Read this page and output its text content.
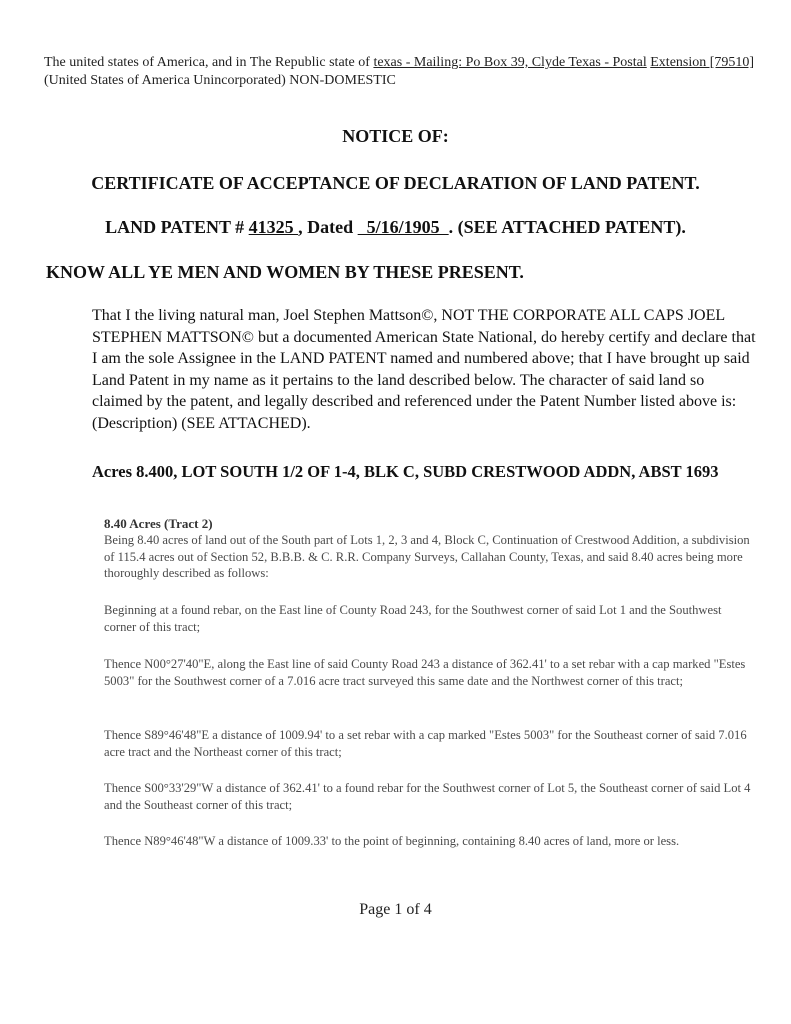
The united states of America, and in The Republic state of texas - Mailing: Po Box 39, Clyde Texas - Postal Extension [79510] (United States of America Unincorporated) NON-DOMESTIC
NOTICE OF:
CERTIFICATE OF ACCEPTANCE OF DECLARATION OF LAND PATENT.
LAND PATENT # 41325 , Dated   5/16/1905  . (SEE ATTACHED PATENT).
KNOW ALL YE MEN AND WOMEN BY THESE PRESENT.
That I the living natural man, Joel Stephen Mattson©, NOT THE CORPORATE ALL CAPS JOEL STEPHEN MATTSON© but a documented American State National, do hereby certify and declare that I am the sole Assignee in the LAND PATENT named and numbered above; that I have brought up said Land Patent in my name as it pertains to the land described below. The character of said land so claimed by the patent, and legally described and referenced under the Patent Number listed above is: (Description) (SEE ATTACHED).
Acres 8.400, LOT SOUTH 1/2 OF 1-4, BLK C, SUBD CRESTWOOD ADDN, ABST 1693
8.40 Acres (Tract 2)
Being 8.40 acres of land out of the South part of Lots 1, 2, 3 and 4, Block C, Continuation of Crestwood Addition, a subdivision of 115.4 acres out of Section 52, B.B.B. & C. R.R. Company Surveys, Callahan County, Texas, and said 8.40 acres being more thoroughly described as follows:
Beginning at a found rebar, on the East line of County Road 243, for the Southwest corner of said Lot 1 and the Southwest corner of this tract;
Thence N00°27'40"E, along the East line of said County Road 243 a distance of 362.41' to a set rebar with a cap marked "Estes 5003" for the Southwest corner of a 7.016 acre tract surveyed this same date and the Northwest corner of this tract;
Thence S89°46'48"E a distance of 1009.94' to a set rebar with a cap marked "Estes 5003" for the Southeast corner of said 7.016 acre tract and the Northeast corner of this tract;
Thence S00°33'29"W a distance of 362.41' to a found rebar for the Southwest corner of Lot 5, the Southeast corner of said Lot 4 and the Southeast corner of this tract;
Thence N89°46'48"W a distance of 1009.33' to the point of beginning, containing 8.40 acres of land, more or less.
Page 1 of 4
